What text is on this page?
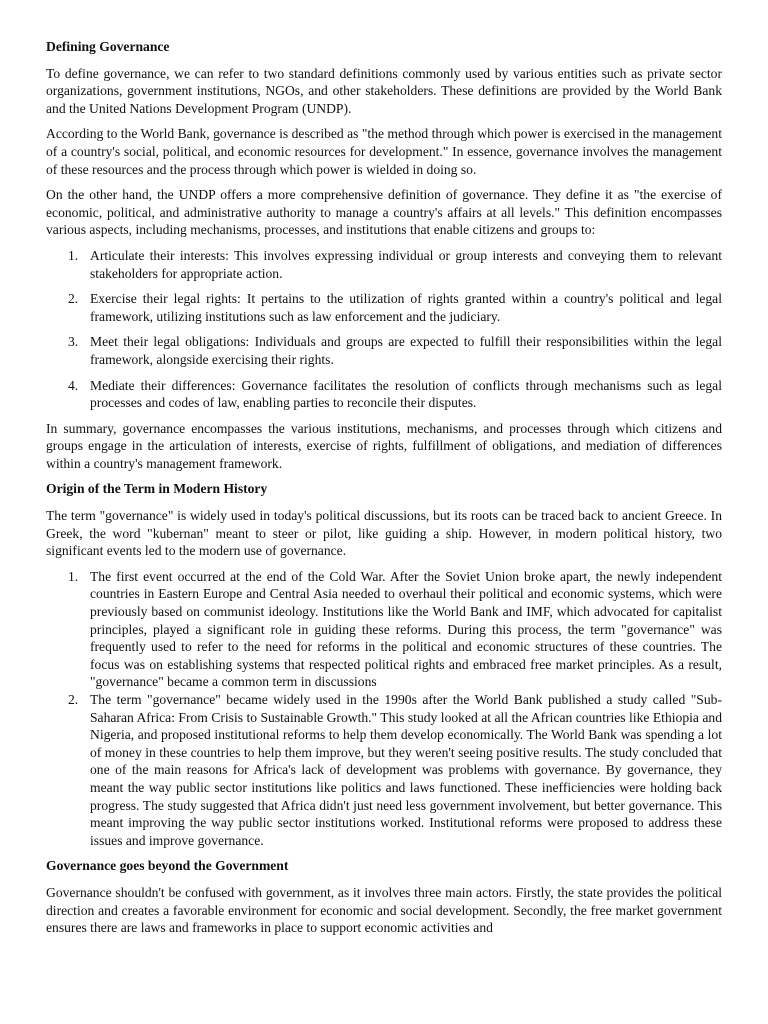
Defining Governance

To define governance, we can refer to two standard definitions commonly used by various entities such as private sector organizations, government institutions, NGOs, and other stakeholders. These definitions are provided by the World Bank and the United Nations Development Program (UNDP).

According to the World Bank, governance is described as "the method through which power is exercised in the management of a country's social, political, and economic resources for development." In essence, governance involves the management of these resources and the process through which power is wielded in doing so.

On the other hand, the UNDP offers a more comprehensive definition of governance. They define it as "the exercise of economic, political, and administrative authority to manage a country's affairs at all levels." This definition encompasses various aspects, including mechanisms, processes, and institutions that enable citizens and groups to:

1. Articulate their interests: This involves expressing individual or group interests and conveying them to relevant stakeholders for appropriate action.
2. Exercise their legal rights: It pertains to the utilization of rights granted within a country's political and legal framework, utilizing institutions such as law enforcement and the judiciary.
3. Meet their legal obligations: Individuals and groups are expected to fulfill their responsibilities within the legal framework, alongside exercising their rights.
4. Mediate their differences: Governance facilitates the resolution of conflicts through mechanisms such as legal processes and codes of law, enabling parties to reconcile their disputes.

In summary, governance encompasses the various institutions, mechanisms, and processes through which citizens and groups engage in the articulation of interests, exercise of rights, fulfillment of obligations, and mediation of differences within a country's management framework.

Origin of the Term in Modern History

The term "governance" is widely used in today's political discussions, but its roots can be traced back to ancient Greece. In Greek, the word "kubernan" meant to steer or pilot, like guiding a ship. However, in modern political history, two significant events led to the modern use of governance.

1. The first event occurred at the end of the Cold War. After the Soviet Union broke apart, the newly independent countries in Eastern Europe and Central Asia needed to overhaul their political and economic systems, which were previously based on communist ideology. Institutions like the World Bank and IMF, which advocated for capitalist principles, played a significant role in guiding these reforms. During this process, the term "governance" was frequently used to refer to the need for reforms in the political and economic structures of these countries. The focus was on establishing systems that respected political rights and embraced free market principles. As a result, "governance" became a common term in discussions
2. The term "governance" became widely used in the 1990s after the World Bank published a study called "Sub-Saharan Africa: From Crisis to Sustainable Growth." This study looked at all the African countries like Ethiopia and Nigeria, and proposed institutional reforms to help them develop economically. The World Bank was spending a lot of money in these countries to help them improve, but they weren't seeing positive results. The study concluded that one of the main reasons for Africa's lack of development was problems with governance. By governance, they meant the way public sector institutions like politics and laws functioned. These inefficiencies were holding back progress. The study suggested that Africa didn't just need less government involvement, but better governance. This meant improving the way public sector institutions worked. Institutional reforms were proposed to address these issues and improve governance.
Governance goes beyond the Government

Governance shouldn't be confused with government, as it involves three main actors. Firstly, the state provides the political direction and creates a favorable environment for economic and social development. Secondly, the free market government ensures there are laws and frameworks in place to support economic activities and
